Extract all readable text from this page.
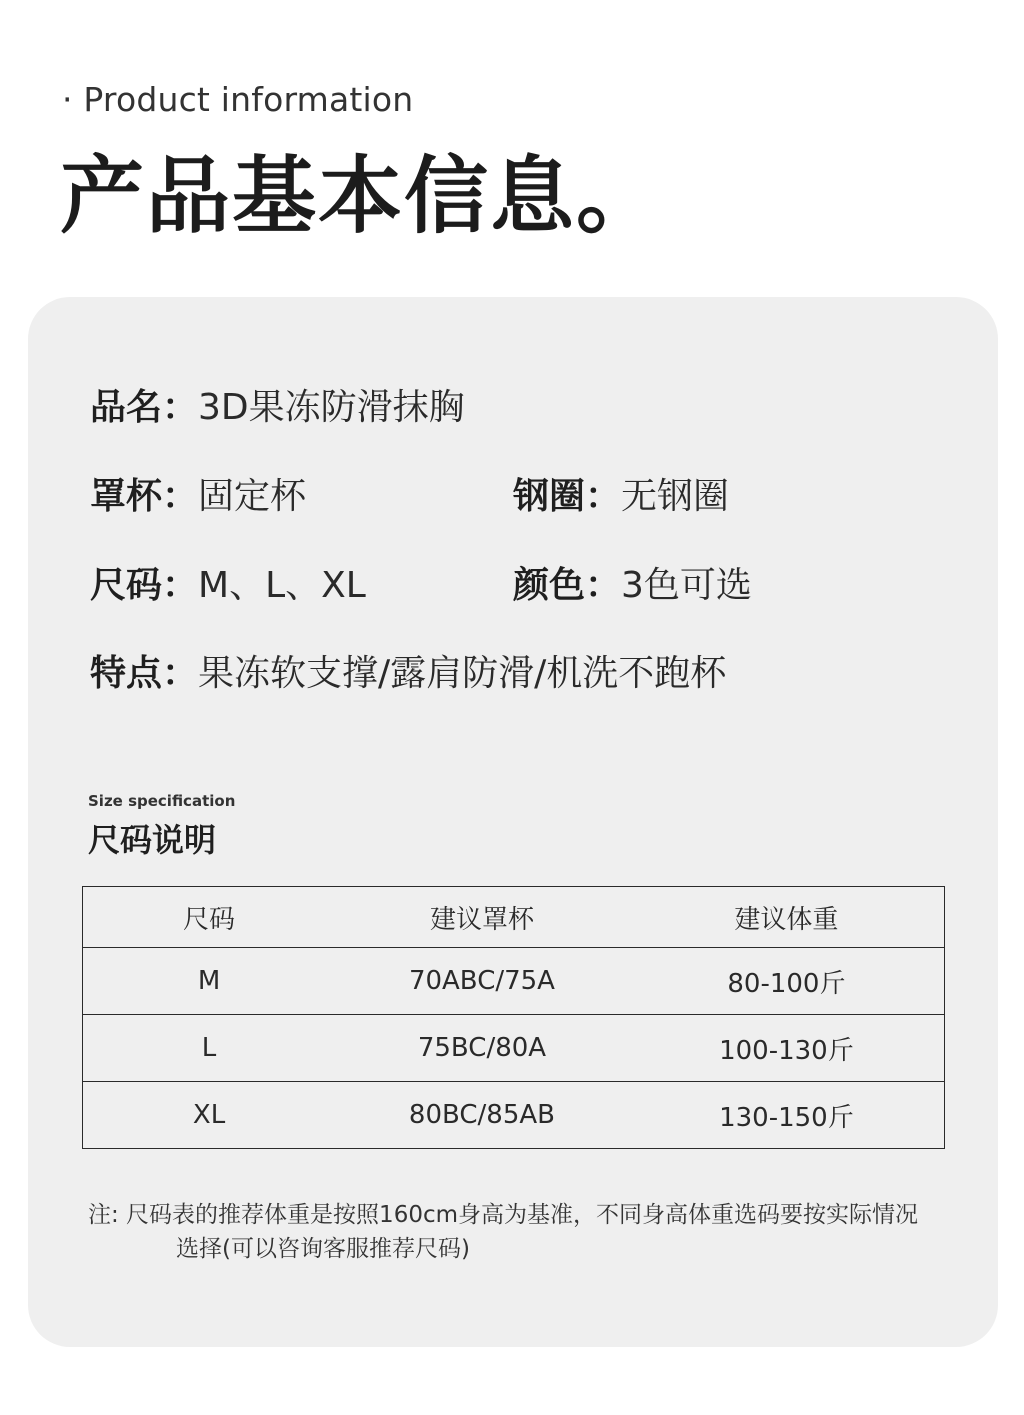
· Product information
产品基本信息。
品名：3D果冻防滑抹胸
罩杯：固定杯	钢圈：无钢圈
尺码：M、L、XL	颜色：3色可选
特点：果冻软支撑/露肩防滑/机洗不跑杯
Size specification
尺码说明
尺码	建议罩杯	建议体重
M	70ABC/75A	80-100斤
L	75BC/80A	100-130斤
XL	80BC/85AB	130-150斤
注: 尺码表的推荐体重是按照160cm身高为基准，不同身高体重选码要按实际情况
选择(可以咨询客服推荐尺码)
